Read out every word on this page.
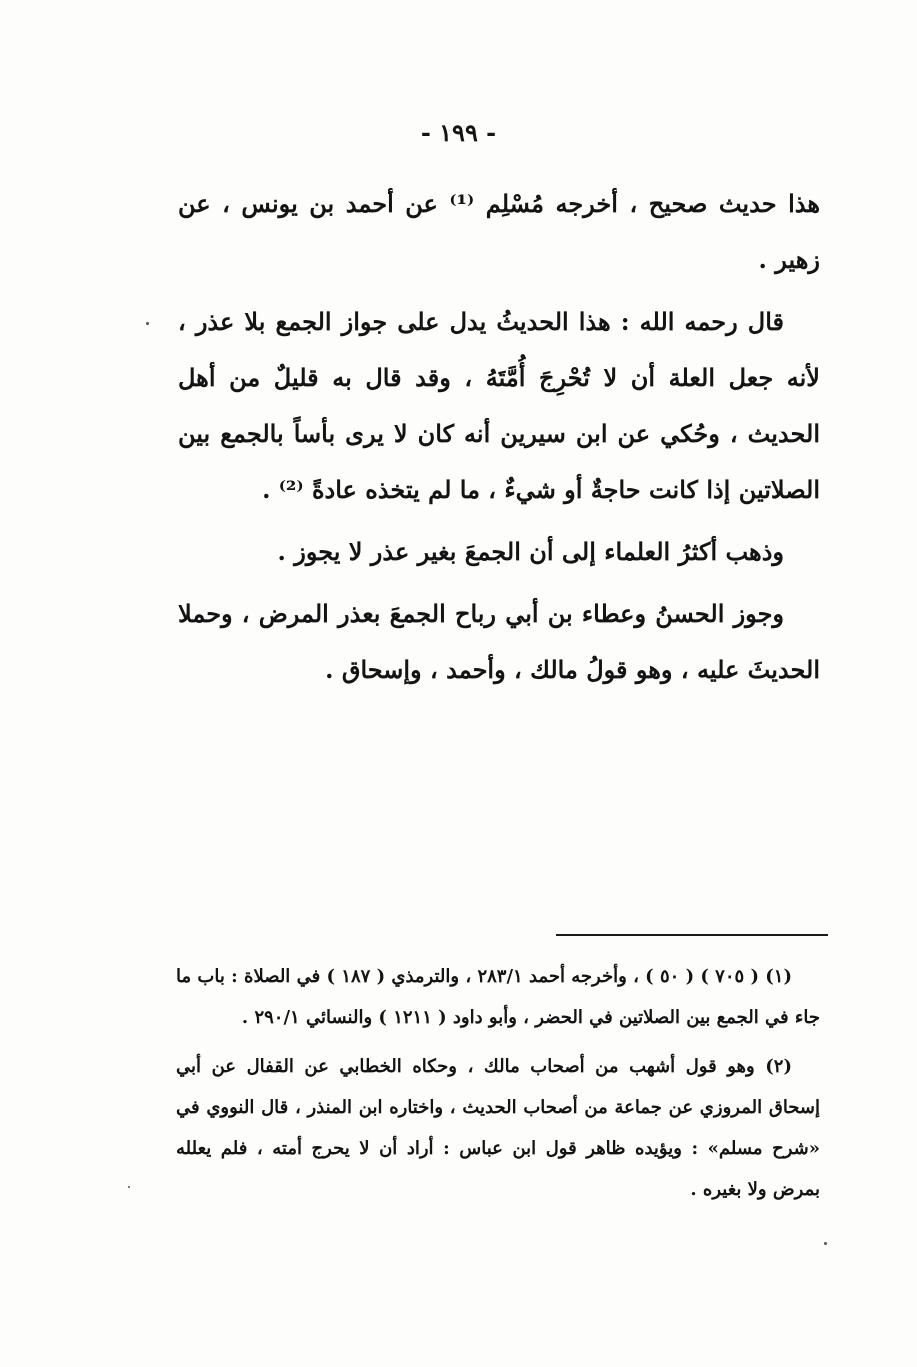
- ١٩٩ -

هذا حديث صحيح ، أخرجه مُسْلِم ⁽¹⁾ عن أحمد بن يونس ، عن زهير .

قال رحمه الله : هذا الحديثُ يدل على جواز الجمع بلا عذر ، لأنه جعل العلة أن لا تُحْرِجَ أُمَّتَهُ ، وقد قال به قليلٌ من أهل الحديث ، وحُكي عن ابن سيرين أنه كان لا يرى بأساً بالجمع بين الصلاتين إذا كانت حاجةٌ أو شيءٌ ، ما لم يتخذه عادةً ⁽²⁾ .

وذهب أكثرُ العلماء إلى أن الجمعَ بغير عذر لا يجوز .

وجوز الحسنُ وعطاء بن أبي رباح الجمعَ بعذر المرض ، وحملا الحديثَ عليه ، وهو قولُ مالك ، وأحمد ، وإسحاق .

(١) ( ٧٠٥ ) ( ٥٠ ) ، وأخرجه أحمد ٢٨٣/١ ، والترمذي ( ١٨٧ ) في الصلاة : باب ما جاء في الجمع بين الصلاتين في الحضر ، وأبو داود ( ١٢١١ ) والنسائي ٢٩٠/١ .

(٢) وهو قول أشهب من أصحاب مالك ، وحكاه الخطابي عن القفال عن أبي إسحاق المروزي عن جماعة من أصحاب الحديث ، واختاره ابن المنذر ، قال النووي في «شرح مسلم» : ويؤيده ظاهر قول ابن عباس : أراد أن لا يحرج أمته ، فلم يعلله بمرض ولا بغيره .
